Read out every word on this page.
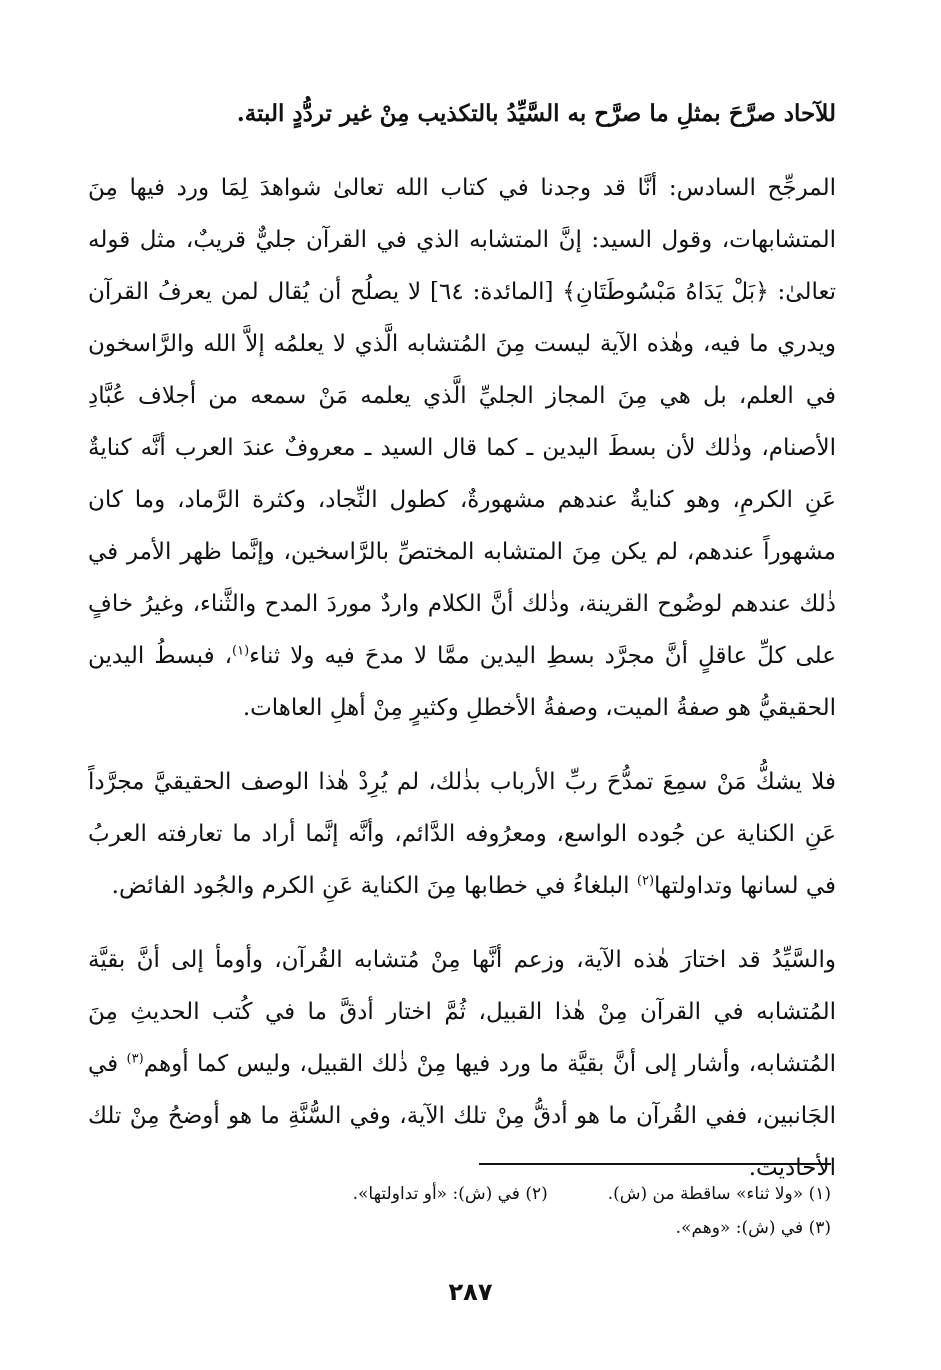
للآحاد صرَّحَ بمثلِ ما صرَّح به السَّيِّدُ بالتكذيب مِنْ غير تردُّدٍ البتة.

المرجِّح السادس: أنَّا قد وجدنا في كتاب الله تعالىٰ شواهدَ لِمَا ورد فيها مِنَ المتشابهات، وقول السيد: إنَّ المتشابه الذي في القرآن جليٌّ قريبٌ، مثل قوله تعالىٰ: ﴿بَلْ يَدَاهُ مَبْسُوطَتَانِ﴾ [المائدة: ٦٤] لا يصلُح أن يُقال لمن يعرفُ القرآن ويدري ما فيه، وهٰذه الآية ليست مِنَ المُتشابه الَّذي لا يعلمُه إلاَّ الله والرَّاسخون في العلم، بل هي مِنَ المجاز الجليِّ الَّذي يعلمه مَنْ سمعه من أجلاف عُبَّادِ الأصنام، وذٰلك لأن بسطَ اليدين ـ كما قال السيد ـ معروفٌ عندَ العرب أنَّه كنايةٌ عَنِ الكرمِ، وهو كنايةٌ عندهم مشهورةٌ، كطول النِّجاد، وكثرة الرَّماد، وما كان مشهوراً عندهم، لم يكن مِنَ المتشابه المختصِّ بالرَّاسخين، وإنَّما ظهر الأمر في ذٰلك عندهم لوضُوح القرينة، وذٰلك أنَّ الكلام واردٌ موردَ المدح والثَّناء، وغيرُ خافٍ على كلِّ عاقلٍ أنَّ مجرَّد بسطِ اليدين ممَّا لا مدحَ فيه ولا ثناء$^{(١)}$، فبسطُ اليدين الحقيقيُّ هو صفةُ الميت، وصفةُ الأخطلِ وكثيرٍ مِنْ أهلِ العاهات.

فلا يشكُّ مَنْ سمِعَ تمدُّحَ ربِّ الأرباب بذٰلك، لم يُرِدْ هٰذا الوصف الحقيقيَّ مجرَّداً عَنِ الكناية عن جُوده الواسع، ومعرُوفه الدَّائم، وأنَّه إنَّما أراد ما تعارفته العربُ في لسانها وتداولتها$^{(٢)}$ البلغاءُ في خطابها مِنَ الكناية عَنِ الكرم والجُود الفائض.

والسَّيِّدُ قد اختارَ هٰذه الآية، وزعم أنَّها مِنْ مُتشابه القُرآن، وأومأ إلى أنَّ بقيَّة المُتشابه في القرآن مِنْ هٰذا القبيل، ثُمَّ اختار أدقَّ ما في كُتب الحديثِ مِنَ المُتشابه، وأشار إلى أنَّ بقيَّة ما ورد فيها مِنْ ذٰلك القبيل، وليس كما أوهم$^{(٣)}$ في الجَانبين، ففي القُرآن ما هو أدقُّ مِنْ تلك الآية، وفي السُّنَّةِ ما هو أوضحُ مِنْ تلك الأحاديث.

(١) «ولا ثناء» ساقطة من (ش).
(٢) في (ش): «أو تداولتها».
(٣) في (ش): «وهم».
٢٨٧
